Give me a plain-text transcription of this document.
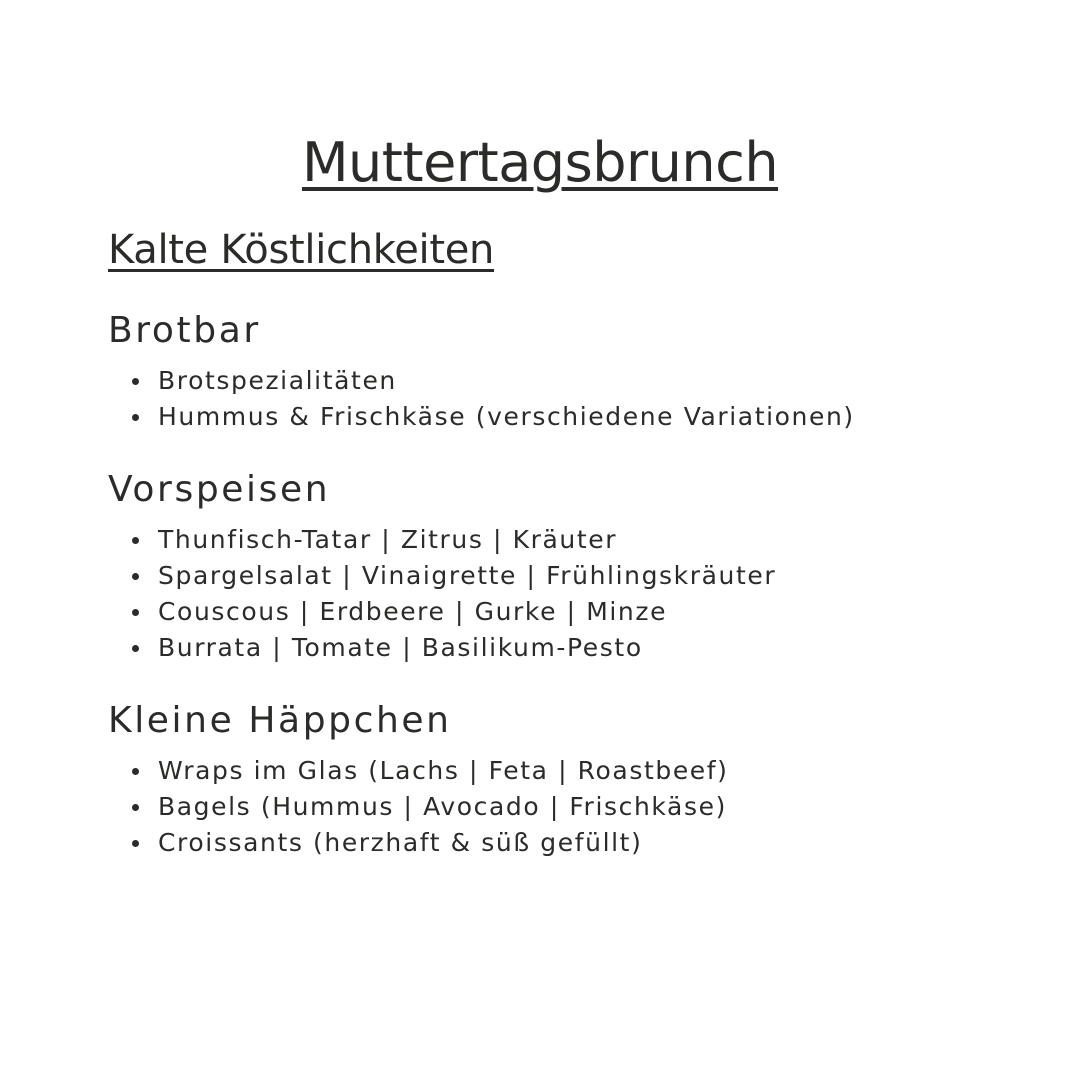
Muttertagsbrunch
Kalte Köstlichkeiten
Brotbar
Brotspezialitäten
Hummus & Frischkäse (verschiedene Variationen)
Vorspeisen
Thunfisch-Tatar | Zitrus | Kräuter
Spargelsalat | Vinaigrette | Frühlingskräuter
Couscous | Erdbeere | Gurke | Minze
Burrata | Tomate | Basilikum-Pesto
Kleine Häppchen
Wraps im Glas (Lachs | Feta | Roastbeef)
Bagels (Hummus | Avocado | Frischkäse)
Croissants (herzhaft & süß gefüllt)
